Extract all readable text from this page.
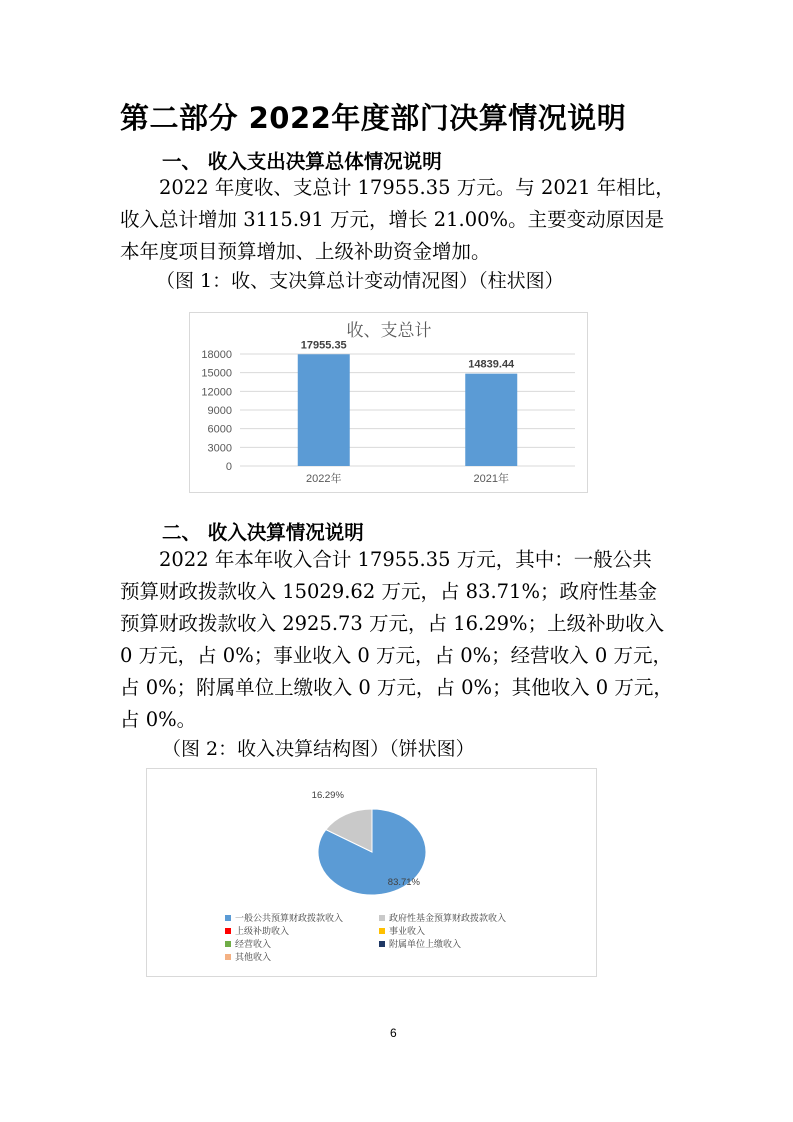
第二部分 2022年度部门决算情况说明
一、 收入支出决算总体情况说明

2022 年度收、支总计 17955.35 万元。与 2021 年相比，

收入总计增加 3115.91 万元，增长 21.00%。主要变动原因是

本年度项目预算增加、上级补助资金增加。

（图 1：收、支决算总计变动情况图）（柱状图）
收、支总计
0
3000
6000
9000
12000
15000
18000
17955.35
2022年
14839.44
2021年
二、 收入决算情况说明

2022 年本年收入合计 17955.35 万元，其中：一般公共

预算财政拨款收入 15029.62 万元，占 83.71%；政府性基金

预算财政拨款收入 2925.73 万元，占 16.29%；上级补助收入

0 万元，占 0%；事业收入 0 万元，占 0%；经营收入 0 万元，

占 0%；附属单位上缴收入 0 万元，占 0%；其他收入 0 万元，

占 0%。

（图 2：收入决算结构图）（饼状图）
83.71%
16.29%
一般公共预算财政拨款收入	政府性基金预算财政拨款收入
上级补助收入	事业收入
经营收入	附属单位上缴收入
其他收入
6
